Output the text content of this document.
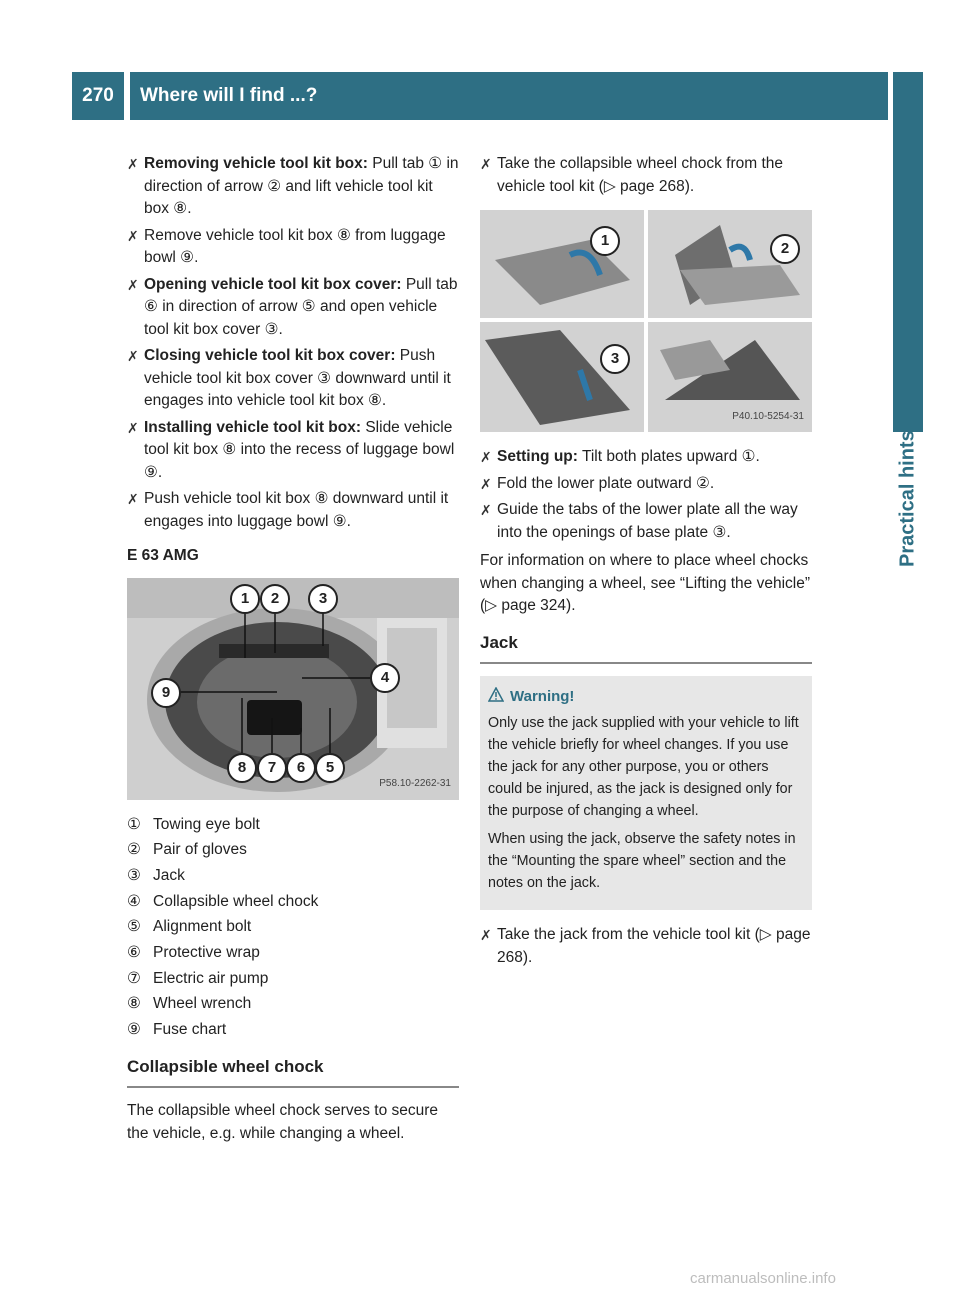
270	Where will I find ...?
Practical hints
✗ Removing vehicle tool kit box: Pull tab ① in direction of arrow ② and lift vehicle tool kit box ⑧.
✗ Remove vehicle tool kit box ⑧ from luggage bowl ⑨.
✗ Opening vehicle tool kit box cover: Pull tab ⑥ in direction of arrow ⑤ and open vehicle tool kit box cover ③.
✗ Closing vehicle tool kit box cover: Push vehicle tool kit box cover ③ downward until it engages into vehicle tool kit box ⑧.
✗ Installing vehicle tool kit box: Slide vehicle tool kit box ⑧ into the recess of luggage bowl ⑨.
✗ Push vehicle tool kit box ⑧ downward until it engages into luggage bowl ⑨.
E 63 AMG
1	2	3
4
5
6
7
8
9
P58.10-2262-31
① Towing eye bolt
② Pair of gloves
③ Jack
④ Collapsible wheel chock
⑤ Alignment bolt
⑥ Protective wrap
⑦ Electric air pump
⑧ Wheel wrench
⑨ Fuse chart
Collapsible wheel chock
The collapsible wheel chock serves to secure the vehicle, e.g. while changing a wheel.
✗ Take the collapsible wheel chock from the vehicle tool kit (▷ page 268).
1	2
3
P40.10-5254-31
✗ Setting up: Tilt both plates upward ①.
✗ Fold the lower plate outward ②.
✗ Guide the tabs of the lower plate all the way into the openings of base plate ③.
For information on where to place wheel chocks when changing a wheel, see “Lifting the vehicle” (▷ page 324).
Jack
Warning!

Only use the jack supplied with your vehicle to lift the vehicle briefly for wheel changes. If you use the jack for any other purpose, you or others could be injured, as the jack is designed only for the purpose of changing a wheel.

When using the jack, observe the safety notes in the “Mounting the spare wheel” section and the notes on the jack.

✗ Take the jack from the vehicle tool kit (▷ page 268).
carmanualsonline.info
